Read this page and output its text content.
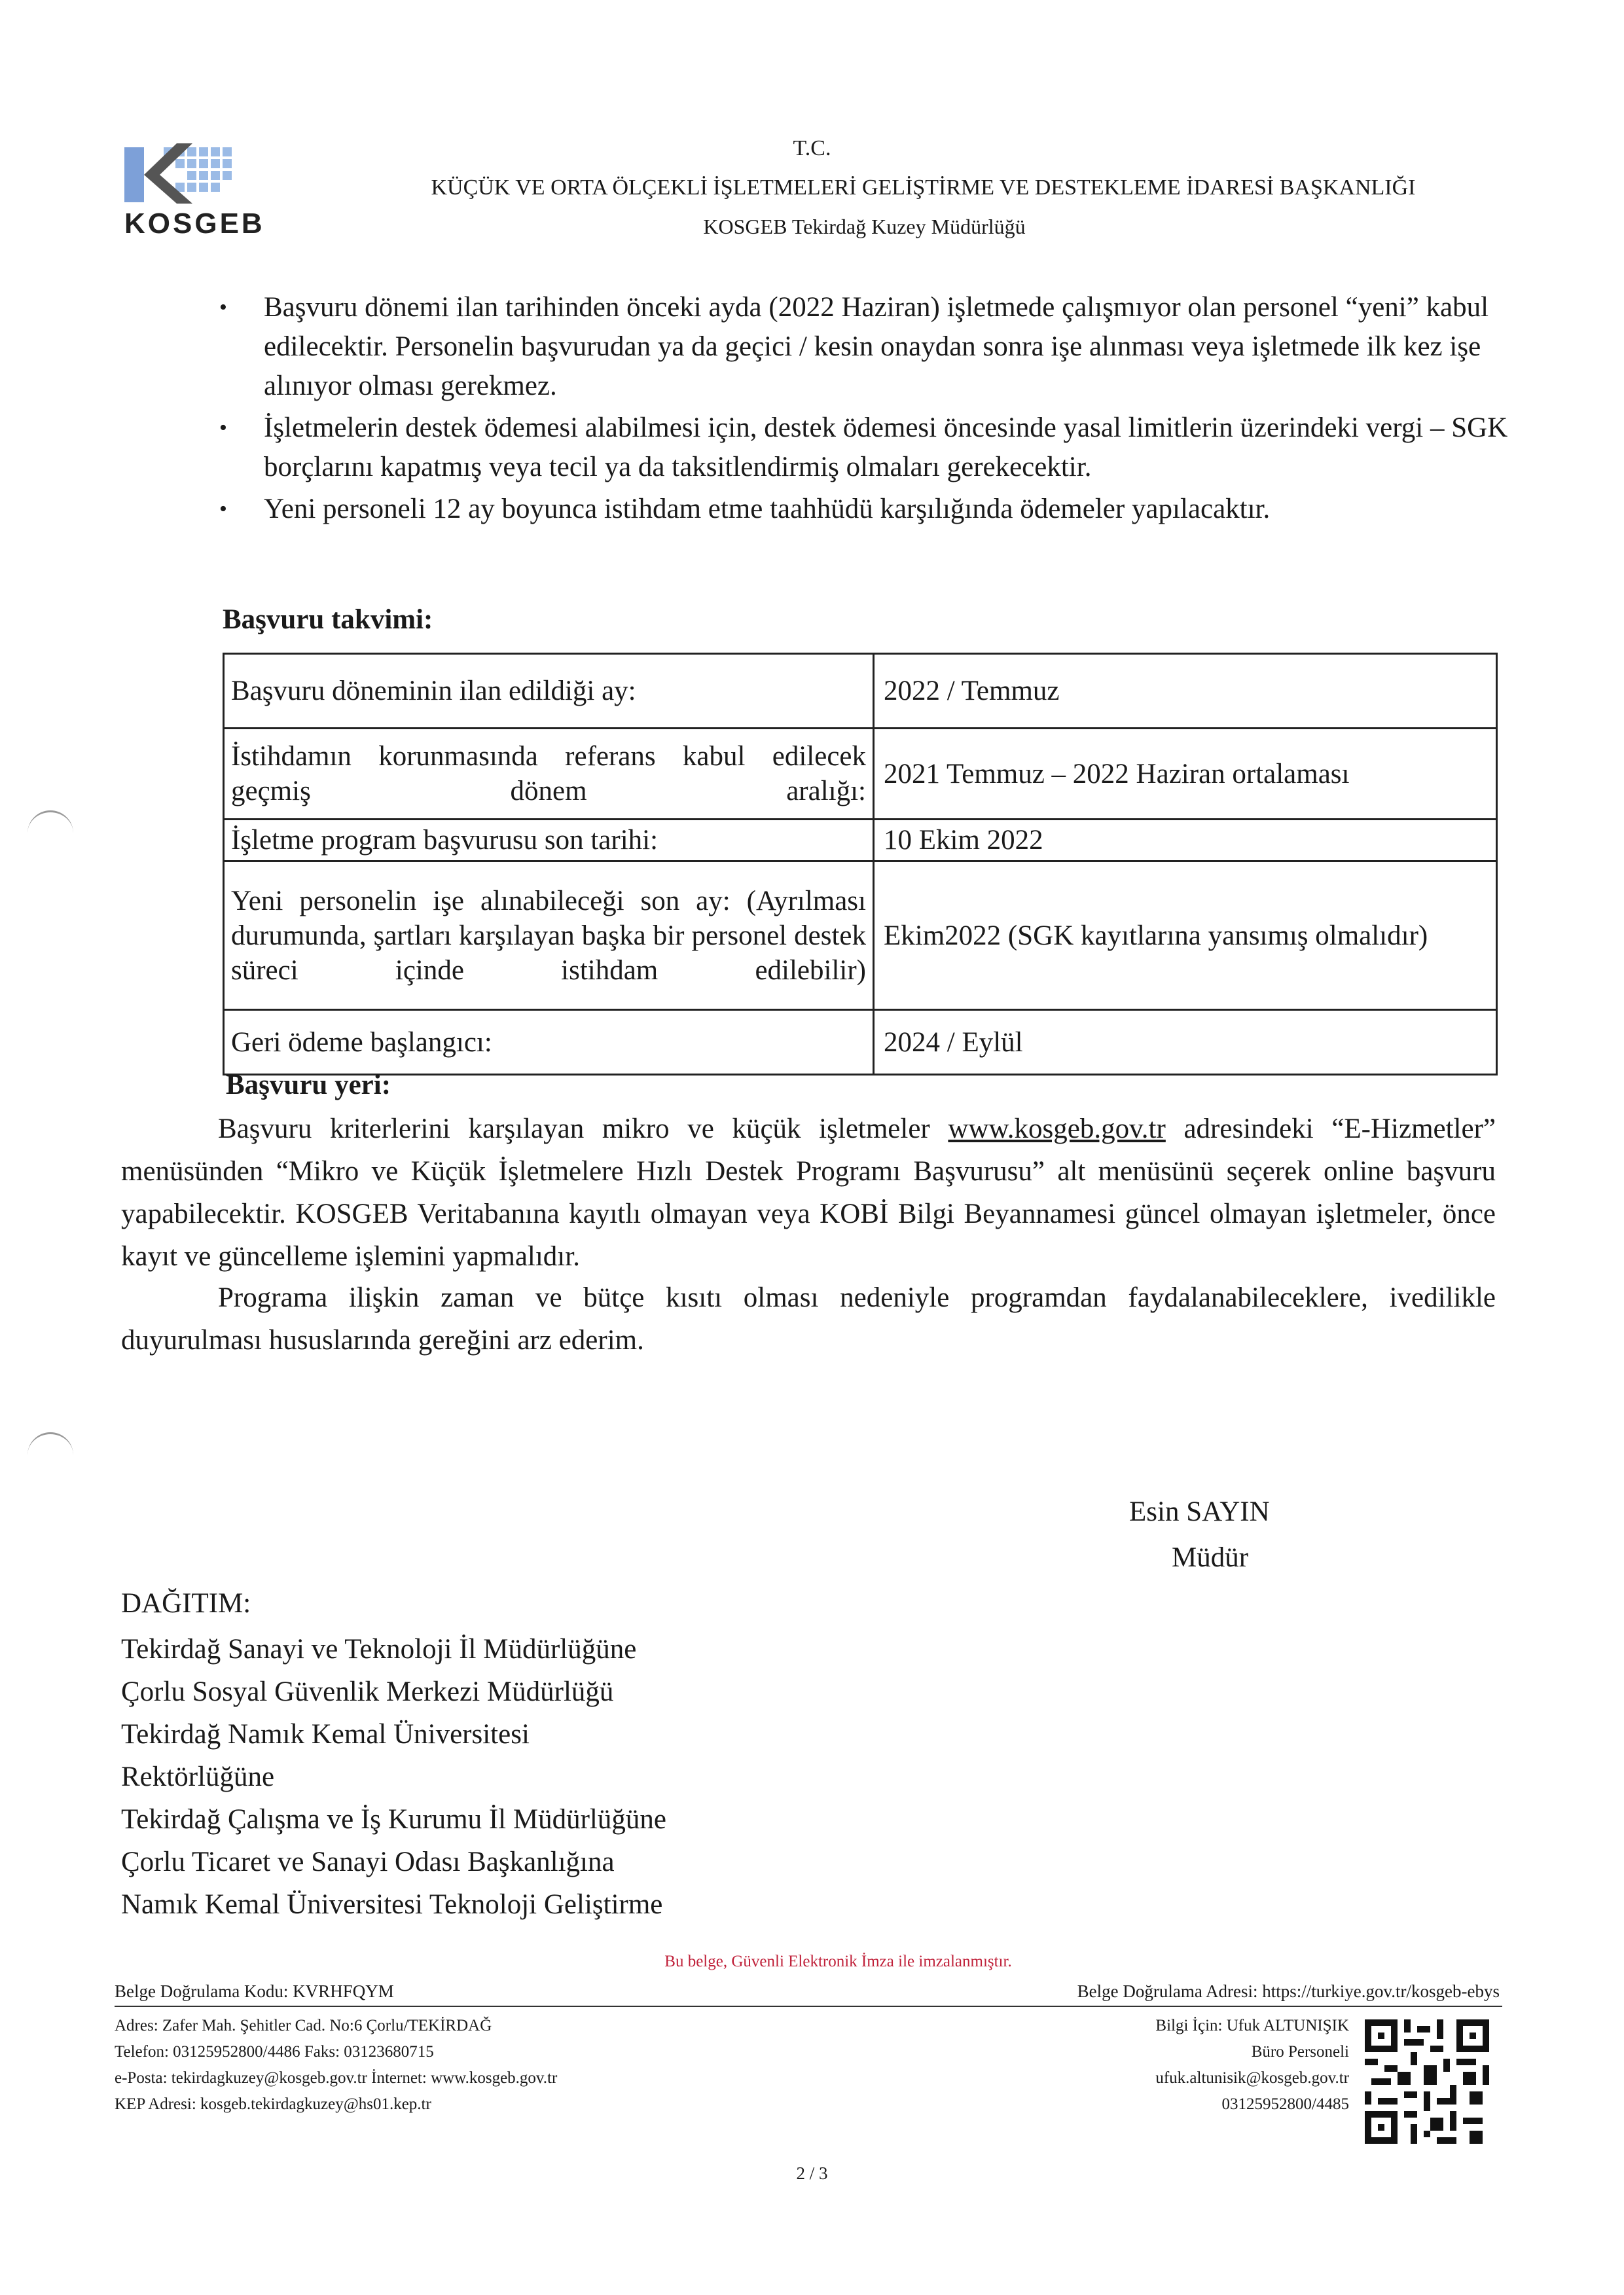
KOSGEB
T.C.
KÜÇÜK VE ORTA ÖLÇEKLİ İŞLETMELERİ GELİŞTİRME VE DESTEKLEME İDARESİ BAŞKANLIĞI
KOSGEB Tekirdağ Kuzey Müdürlüğü
• Başvuru dönemi ilan tarihinden önceki ayda (2022 Haziran) işletmede çalışmıyor olan personel “yeni” kabul edilecektir. Personelin başvurudan ya da geçici / kesin onaydan sonra işe alınması veya işletmede ilk kez işe alınıyor olması gerekmez.
• İşletmelerin destek ödemesi alabilmesi için, destek ödemesi öncesinde yasal limitlerin üzerindeki vergi – SGK borçlarını kapatmış veya tecil ya da taksitlendirmiş olmaları gerekecektir.
• Yeni personeli 12 ay boyunca istihdam etme taahhüdü karşılığında ödemeler yapılacaktır.
Başvuru takvimi:
Başvuru döneminin ilan edildiği ay:	2022 / Temmuz
İstihdamın korunmasında referans kabul edilecek geçmiş dönem aralığı:	2021 Temmuz – 2022 Haziran ortalaması
İşletme program başvurusu son tarihi:	10 Ekim 2022
Yeni personelin işe alınabileceği son ay: (Ayrılması durumunda, şartları karşılayan başka bir personel destek süreci içinde istihdam edilebilir)	Ekim2022 (SGK kayıtlarına yansımış olmalıdır)
Geri ödeme başlangıcı:	2024 / Eylül
Başvuru yeri:
Başvuru kriterlerini karşılayan mikro ve küçük işletmeler www.kosgeb.gov.tr adresindeki “E-Hizmetler” menüsünden “Mikro ve Küçük İşletmelere Hızlı Destek Programı Başvurusu” alt menüsünü seçerek online başvuru yapabilecektir. KOSGEB Veritabanına kayıtlı olmayan veya KOBİ Bilgi Beyannamesi güncel olmayan işletmeler, önce kayıt ve güncelleme işlemini yapmalıdır.
Programa ilişkin zaman ve bütçe kısıtı olması nedeniyle programdan faydalanabileceklere, ivedilikle duyurulması hususlarında gereğini arz ederim.
Esin SAYIN
Müdür
DAĞITIM:
Tekirdağ Sanayi ve Teknoloji İl Müdürlüğüne
Çorlu Sosyal Güvenlik Merkezi Müdürlüğü
Tekirdağ Namık Kemal Üniversitesi
Rektörlüğüne
Tekirdağ Çalışma ve İş Kurumu İl Müdürlüğüne
Çorlu Ticaret ve Sanayi Odası Başkanlığına
Namık Kemal Üniversitesi Teknoloji Geliştirme
Bu belge, Güvenli Elektronik İmza ile imzalanmıştır.
Belge Doğrulama Kodu: KVRHFQYM	Belge Doğrulama Adresi: https://turkiye.gov.tr/kosgeb-ebys
Adres: Zafer Mah. Şehitler Cad. No:6 Çorlu/TEKİRDAĞ
Telefon: 03125952800/4486 Faks: 03123680715
e-Posta: tekirdagkuzey@kosgeb.gov.tr İnternet: www.kosgeb.gov.tr
KEP Adresi: kosgeb.tekirdagkuzey@hs01.kep.tr
Bilgi İçin: Ufuk ALTUNIŞIK
Büro Personeli
ufuk.altunisik@kosgeb.gov.tr
03125952800/4485
2 / 3
